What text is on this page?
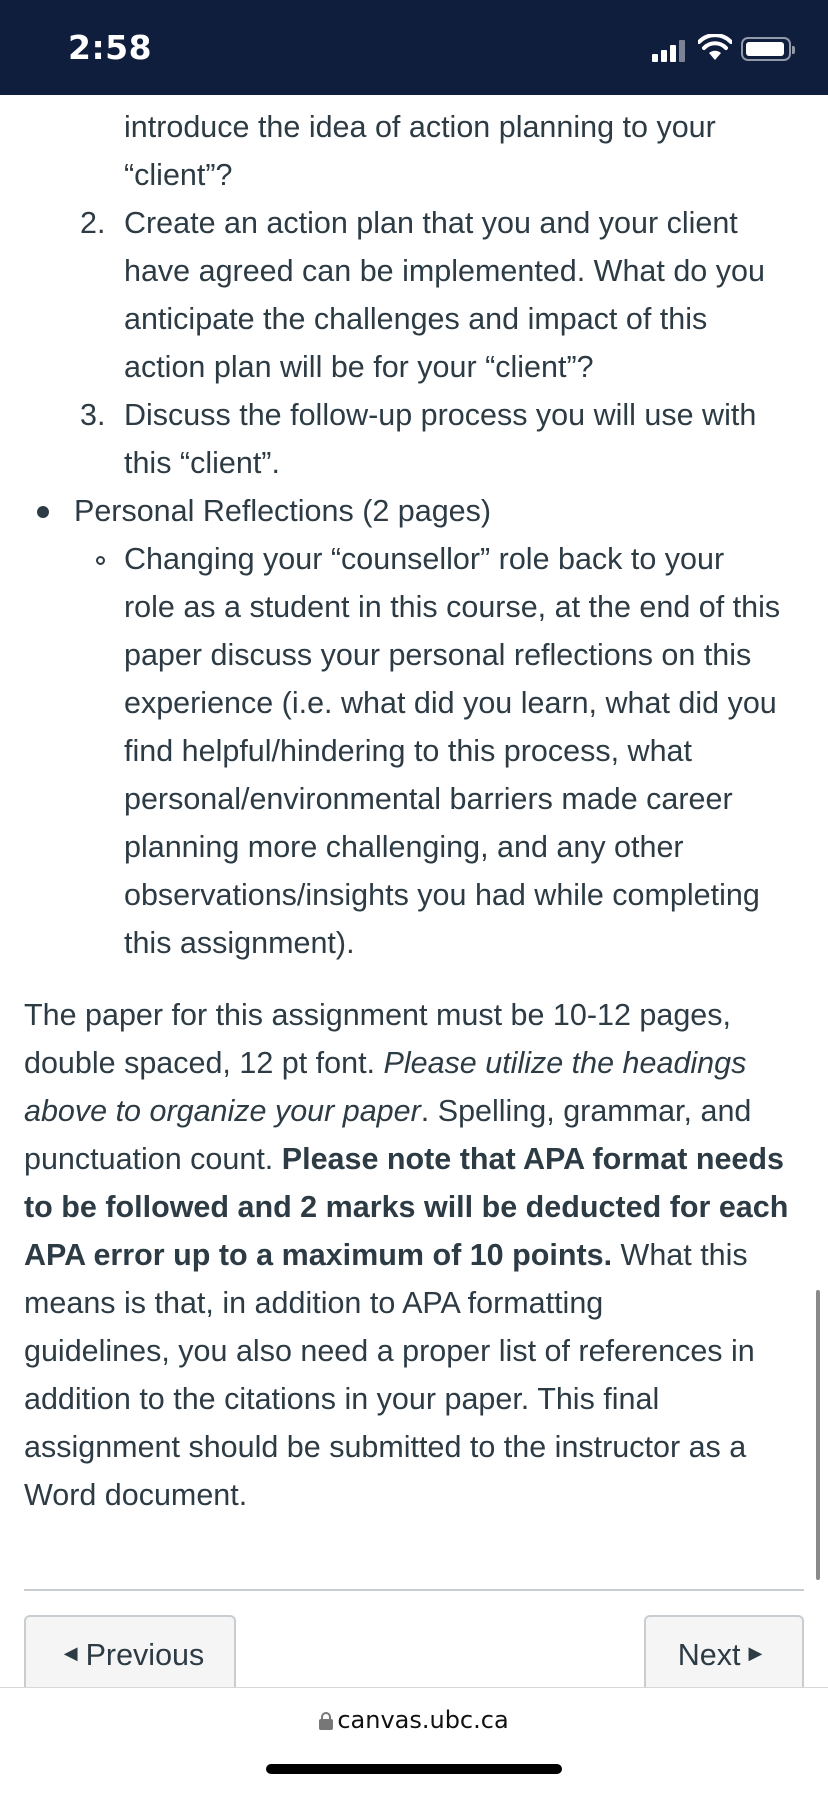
2:58
introduce the idea of action planning to your
“client”?
2. Create an action plan that you and your client
have agreed can be implemented. What do you
anticipate the challenges and impact of this
action plan will be for your “client”?
3. Discuss the follow-up process you will use with
this “client”.
Personal Reflections (2 pages)
Changing your “counsellor” role back to your
role as a student in this course, at the end of this
paper discuss your personal reflections on this
experience (i.e. what did you learn, what did you
find helpful/hindering to this process, what
personal/environmental barriers made career
planning more challenging, and any other
observations/insights you had while completing
this assignment).
The paper for this assignment must be 10-12 pages,
double spaced, 12 pt font. Please utilize the headings
above to organize your paper. Spelling, grammar, and
punctuation count. Please note that APA format needs
to be followed and 2 marks will be deducted for each
APA error up to a maximum of 10 points. What this
means is that, in addition to APA formatting
guidelines, you also need a proper list of references in
addition to the citations in your paper. This final
assignment should be submitted to the instructor as a
Word document.
◀ Previous	Next ▶
canvas.ubc.ca
